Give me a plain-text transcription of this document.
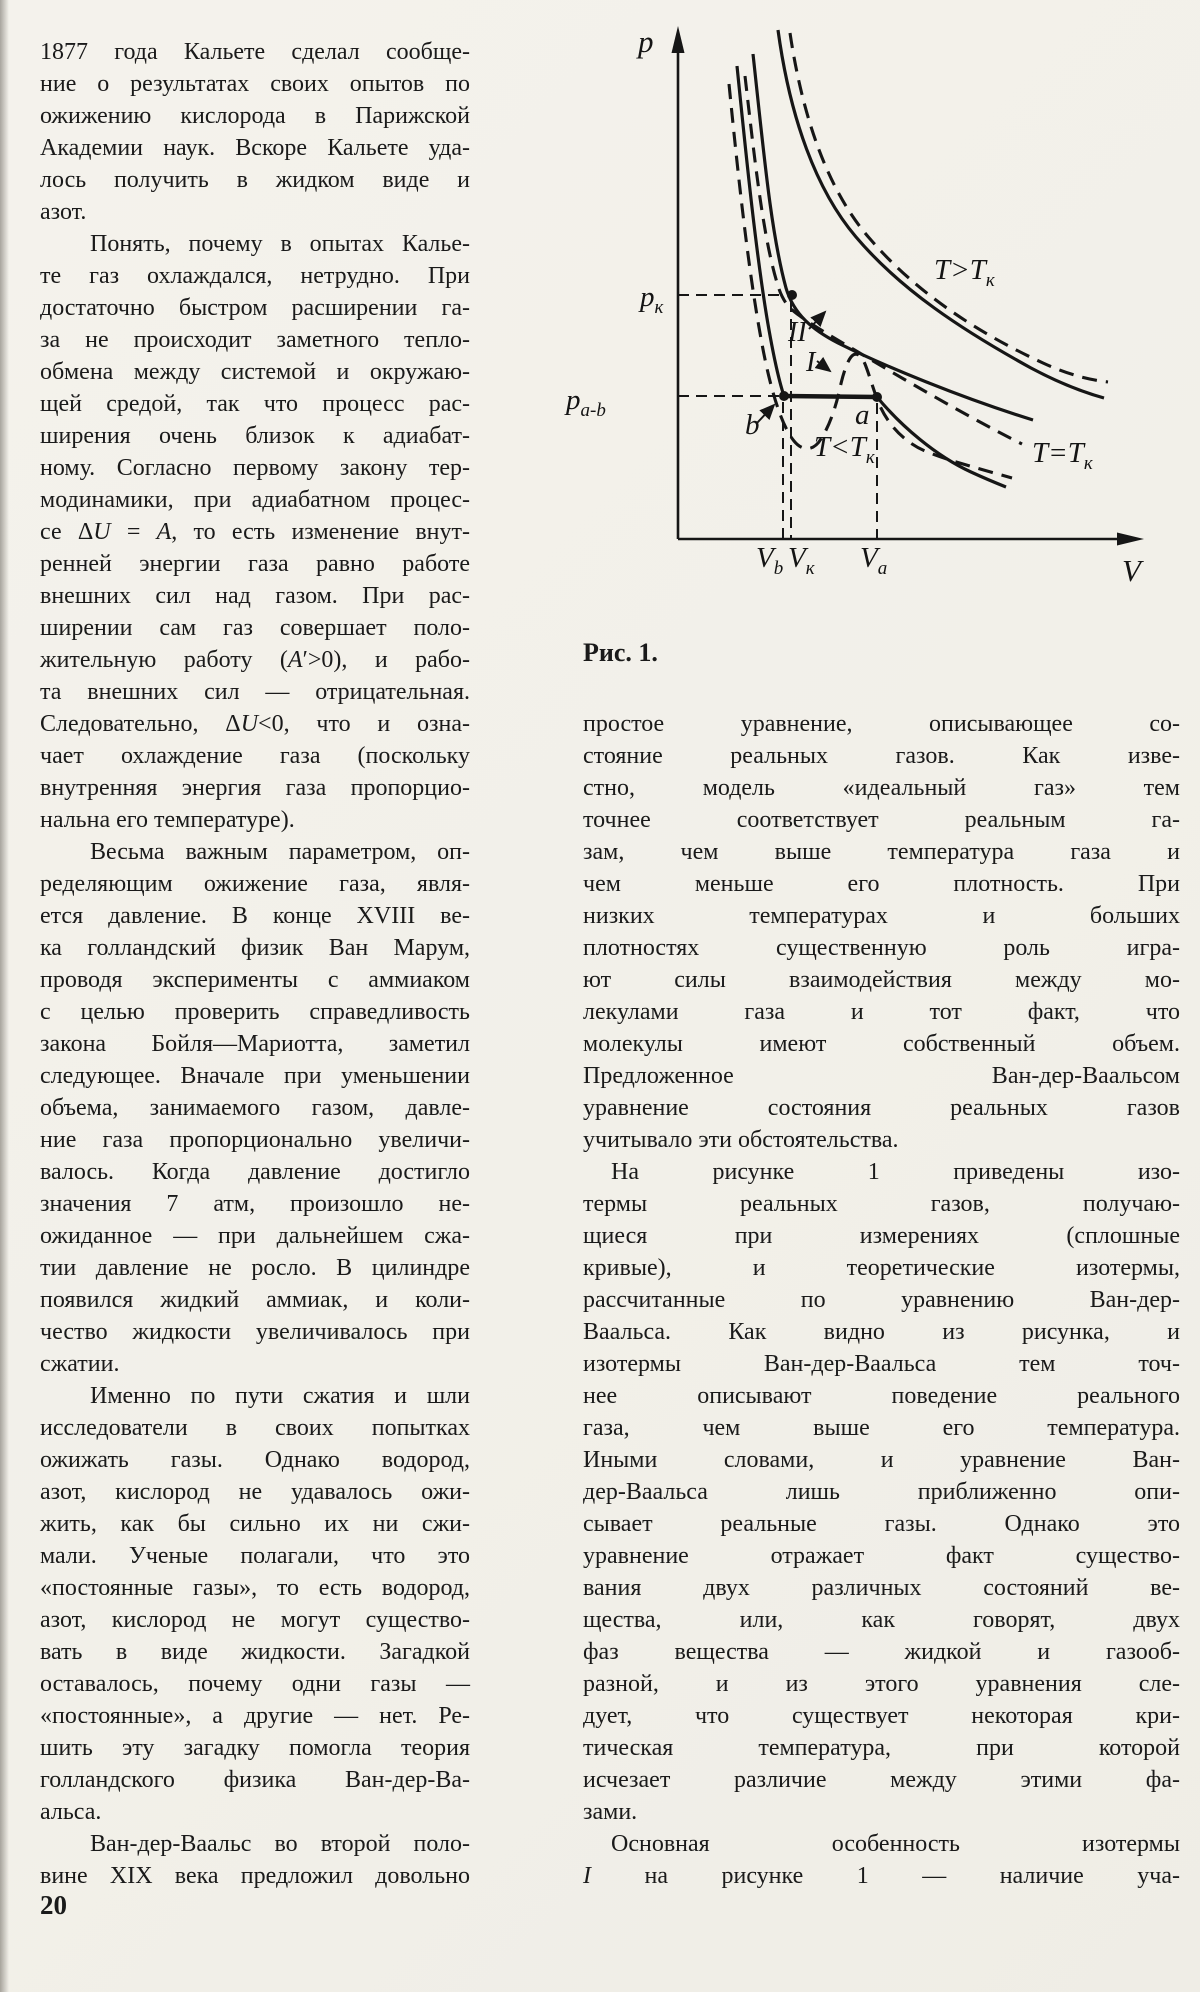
1877 года Кальете сделал сообще-
ние о результатах своих опытов по
ожижению кислорода в Парижской
Академии наук. Вскоре Кальете уда-
лось получить в жидком виде и
азот.
Понять, почему в опытах Калье-
те газ охлаждался, нетрудно. При
достаточно быстром расширении га-
за не происходит заметного тепло-
обмена между системой и окружаю-
щей средой, так что процесс рас-
ширения очень близок к адиабат-
ному. Согласно первому закону тер-
модинамики, при адиабатном процес-
се ΔU = A, то есть изменение внут-
ренней энергии газа равно работе
внешних сил над газом. При рас-
ширении сам газ совершает поло-
жительную работу (A′>0), и рабо-
та внешних сил — отрицательная.
Следовательно, ΔU<0, что и озна-
чает охлаждение газа (поскольку
внутренняя энергия газа пропорцио-
нальна его температуре).
Весьма важным параметром, оп-
ределяющим ожижение газа, явля-
ется давление. В конце XVIII ве-
ка голландский физик Ван Марум,
проводя эксперименты с аммиаком
с целью проверить справедливость
закона Бойля—Мариотта, заметил
следующее. Вначале при уменьшении
объема, занимаемого газом, давле-
ние газа пропорционально увеличи-
валось. Когда давление достигло
значения 7 атм, произошло не-
ожиданное — при дальнейшем сжа-
тии давление не росло. В цилиндре
появился жидкий аммиак, и коли-
чество жидкости увеличивалось при
сжатии.
Именно по пути сжатия и шли
исследователи в своих попытках
ожижать газы. Однако водород,
азот, кислород не удавалось ожи-
жить, как бы сильно их ни сжи-
мали. Ученые полагали, что это
«постоянные газы», то есть водород,
азот, кислород не могут существо-
вать в виде жидкости. Загадкой
оставалось, почему одни газы —
«постоянные», а другие — нет. Ре-
шить эту загадку помогла теория
голландского физика Ван-дер-Ва-
альса.
Ван-дер-Ваальс во второй поло-
вине XIX века предложил довольно
p
V
$p_к$
$p_{a-b}$
$V_b$ $V_к$ $V_a$
$T>T_к$
$T=T_к$
$T<T_к$
II
I
a
b
Рис. 1.
простое уравнение, описывающее со-
стояние реальных газов. Как изве-
стно, модель «идеальный газ» тем
точнее соответствует реальным га-
зам, чем выше температура газа и
чем меньше его плотность. При
низких температурах и больших
плотностях существенную роль игра-
ют силы взаимодействия между мо-
лекулами газа и тот факт, что
молекулы имеют собственный объем.
Предложенное Ван-дер-Ваальсом
уравнение состояния реальных газов
учитывало эти обстоятельства.
На рисунке 1 приведены изо-
термы реальных газов, получаю-
щиеся при измерениях (сплошные
кривые), и теоретические изотермы,
рассчитанные по уравнению Ван-дер-
Ваальса. Как видно из рисунка, и
изотермы Ван-дер-Ваальса тем точ-
нее описывают поведение реального
газа, чем выше его температура.
Иными словами, и уравнение Ван-
дер-Ваальса лишь приближенно опи-
сывает реальные газы. Однако это
уравнение отражает факт существо-
вания двух различных состояний ве-
щества, или, как говорят, двух
фаз вещества — жидкой и газооб-
разной, и из этого уравнения сле-
дует, что существует некоторая кри-
тическая температура, при которой
исчезает различие между этими фа-
зами.
Основная особенность изотермы
I на рисунке 1 — наличие уча-
20
